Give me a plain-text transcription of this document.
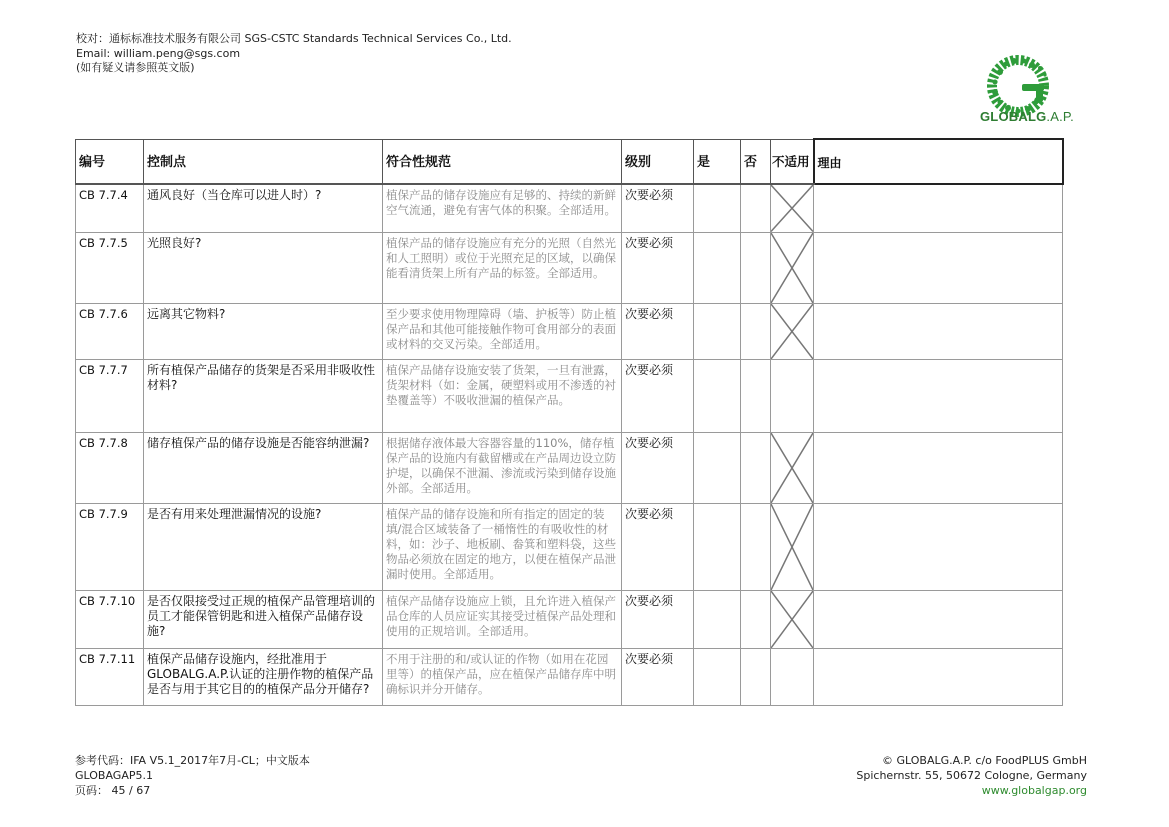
校对：通标标准技术服务有限公司 SGS-CSTC Standards Technical Services Co., Ltd.
Email: william.peng@sgs.com
(如有疑义请参照英文版)
GLOBALG.A.P.
编号	控制点	符合性规范	级别	是	否	不适用	理由
CB 7.7.4	通风良好（当仓库可以进人时）?	植保产品的储存设施应有足够的、持续的新鲜空气流通，避免有害气体的积聚。全部适用。	次要必须			

CB 7.7.5	光照良好?	植保产品的储存设施应有充分的光照（自然光和人工照明）或位于光照充足的区域，以确保能看清货架上所有产品的标签。全部适用。	次要必须			

CB 7.7.6	远离其它物料?	至少要求使用物理障碍（墙、护板等）防止植保产品和其他可能接触作物可食用部分的表面或材料的交叉污染。全部适用。	次要必须			

CB 7.7.7	所有植保产品储存的货架是否采用非吸收性材料?	植保产品储存设施安装了货架，一旦有泄露，货架材料（如：金属，硬塑料或用不渗透的衬垫覆盖等）不吸收泄漏的植保产品。	次要必须				
CB 7.7.8	储存植保产品的储存设施是否能容纳泄漏?	根据储存液体最大容器容量的110%，储存植保产品的设施内有截留槽或在产品周边设立防护堤，以确保不泄漏、渗流或污染到储存设施外部。全部适用。	次要必须			

CB 7.7.9	是否有用来处理泄漏情况的设施?	植保产品的储存设施和所有指定的固定的装填/混合区域装备了一桶惰性的有吸收性的材料，如：沙子、地板刷、畚箕和塑料袋，这些物品必须放在固定的地方，以便在植保产品泄漏时使用。全部适用。	次要必须			

CB 7.7.10	是否仅限接受过正规的植保产品管理培训的员工才能保管钥匙和进入植保产品储存设施?	植保产品储存设施应上锁，且允许进入植保产品仓库的人员应证实其接受过植保产品处理和使用的正规培训。全部适用。	次要必须			

CB 7.7.11	植保产品储存设施内，经批准用于GLOBALG.A.P.认证的注册作物的植保产品是否与用于其它目的的植保产品分开储存?	不用于注册的和/或认证的作物（如用在花园里等）的植保产品，应在植保产品储存库中明确标识并分开储存。	次要必须				
参考代码：IFA V5.1_2017年7月-CL；中文版本
GLOBAGAP5.1
页码： 45 / 67
© GLOBALG.A.P. c/o FoodPLUS GmbH
Spichernstr. 55, 50672 Cologne, Germany
www.globalgap.org
